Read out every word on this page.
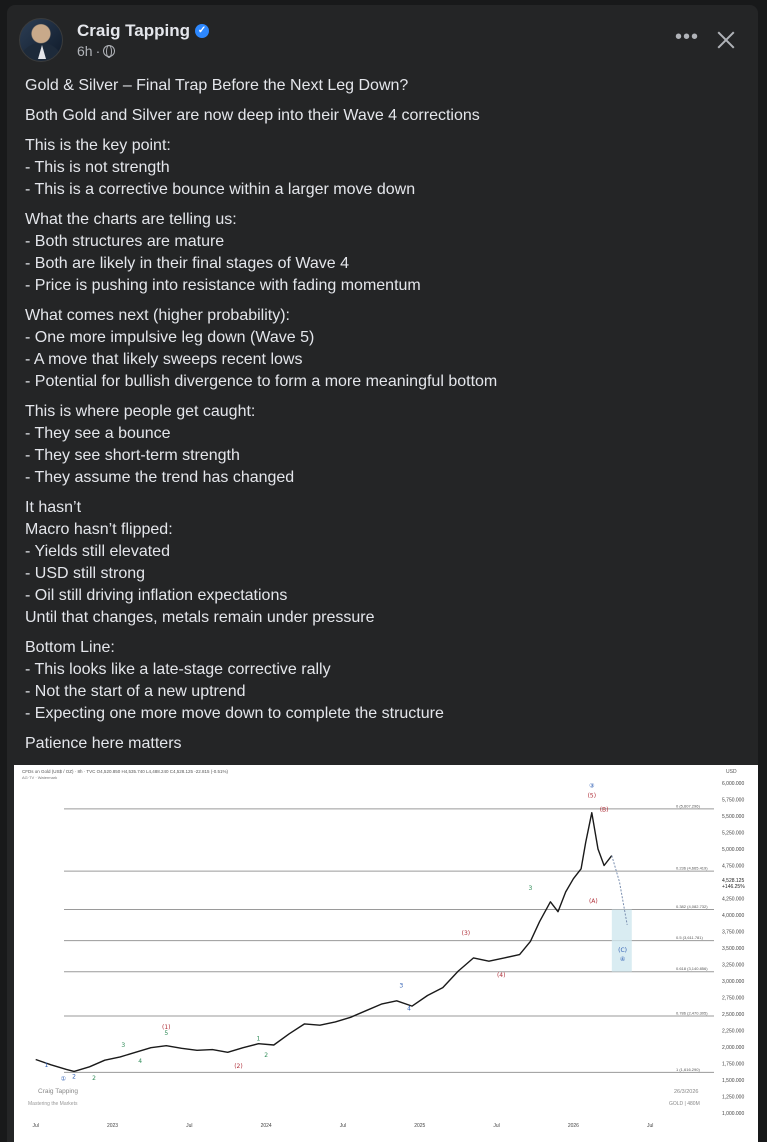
Craig Tapping ✓
6h ·
•••
Gold & Silver – Final Trap Before the Next Leg Down?
Both Gold and Silver are now deep into their Wave 4 corrections
This is the key point:
- This is not strength
- This is a corrective bounce within a larger move down
What the charts are telling us:
- Both structures are mature
- Both are likely in their final stages of Wave 4
- Price is pushing into resistance with fading momentum
What comes next (higher probability):
- One more impulsive leg down (Wave 5)
- A move that likely sweeps recent lows
- Potential for bullish divergence to form a more meaningful bottom
This is where people get caught:
- They see a bounce
- They see short-term strength
- They assume the trend has changed
It hasn’t
Macro hasn’t flipped:
- Yields still elevated
- USD still strong
- Oil still driving inflation expectations
Until that changes, metals remain under pressure
Bottom Line:
- This looks like a late-stage corrective rally
- Not the start of a new uptrend
- Expecting one more move down to complete the structure
Patience here matters
CFDs on Gold (US$ / OZ) · 8h · TVC O4,520.850 H4,535.740 L4,488.240 C4,528.125 -22.815 (-0.51%)
AG·TV · Watermark
USD
0 (5,607.296)
0.236 (4,665.419)
0.382 (4,082.732)
0.5 (3,611.781)
0.618 (3,140.856)
0.786 (2,470.305)
1 (1,616.290)
1
2
①	2
3
4
(1)
5
(2)
1
2
3
4
(3)
(4)
3
③
(5)
(B)
(A)
(C)
④
6,000.000
5,750.000
5,500.000
5,250.000
5,000.000
4,750.000
4,250.000
4,000.000
3,750.000
3,500.000
3,250.000
3,000.000
2,750.000
2,500.000
2,250.000
2,000.000
1,750.000
1,500.000
1,250.000
1,000.000
4,528.125
+146.25%
Jul	2023	Jul	2024	Jul	2025	Jul	2026	Jul
Craig Tapping
Mastering the Markets
26/3/2026
GOLD | 480M
